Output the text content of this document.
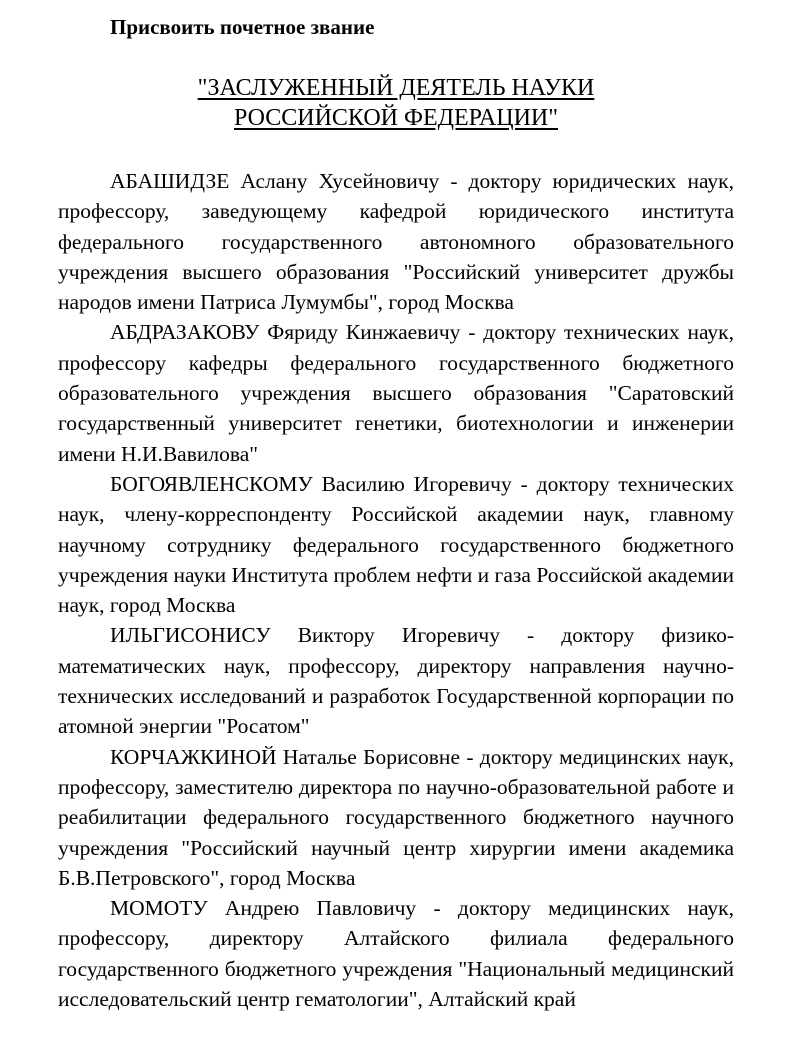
Присвоить почетное звание
"ЗАСЛУЖЕННЫЙ ДЕЯТЕЛЬ НАУКИ
РОССИЙСКОЙ ФЕДЕРАЦИИ"

АБАШИДЗЕ Аслану Хусейновичу - доктору юридических наук, профессору, заведующему кафедрой юридического института федерального государственного автономного образовательного учреждения высшего образования "Российский университет дружбы народов имени Патриса Лумумбы", город Москва

АБДРАЗАКОВУ Фяриду Кинжаевичу - доктору технических наук, профессору кафедры федерального государственного бюджетного образовательного учреждения высшего образования "Саратовский государственный университет генетики, биотехнологии и инженерии имени Н.И.Вавилова"

БОГОЯВЛЕНСКОМУ Василию Игоревичу - доктору технических наук, члену-корреспонденту Российской академии наук, главному научному сотруднику федерального государственного бюджетного учреждения науки Института проблем нефти и газа Российской академии наук, город Москва

ИЛЬГИСОНИСУ Виктору Игоревичу - доктору физико-математических наук, профессору, директору направления научно-технических исследований и разработок Государственной корпорации по атомной энергии "Росатом"

КОРЧАЖКИНОЙ Наталье Борисовне - доктору медицинских наук, профессору, заместителю директора по научно-образовательной работе и реабилитации федерального государственного бюджетного научного учреждения "Российский научный центр хирургии имени академика Б.В.Петровского", город Москва

МОМОТУ Андрею Павловичу - доктору медицинских наук, профессору, директору Алтайского филиала федерального государственного бюджетного учреждения "Национальный медицинский исследовательский центр гематологии", Алтайский край
